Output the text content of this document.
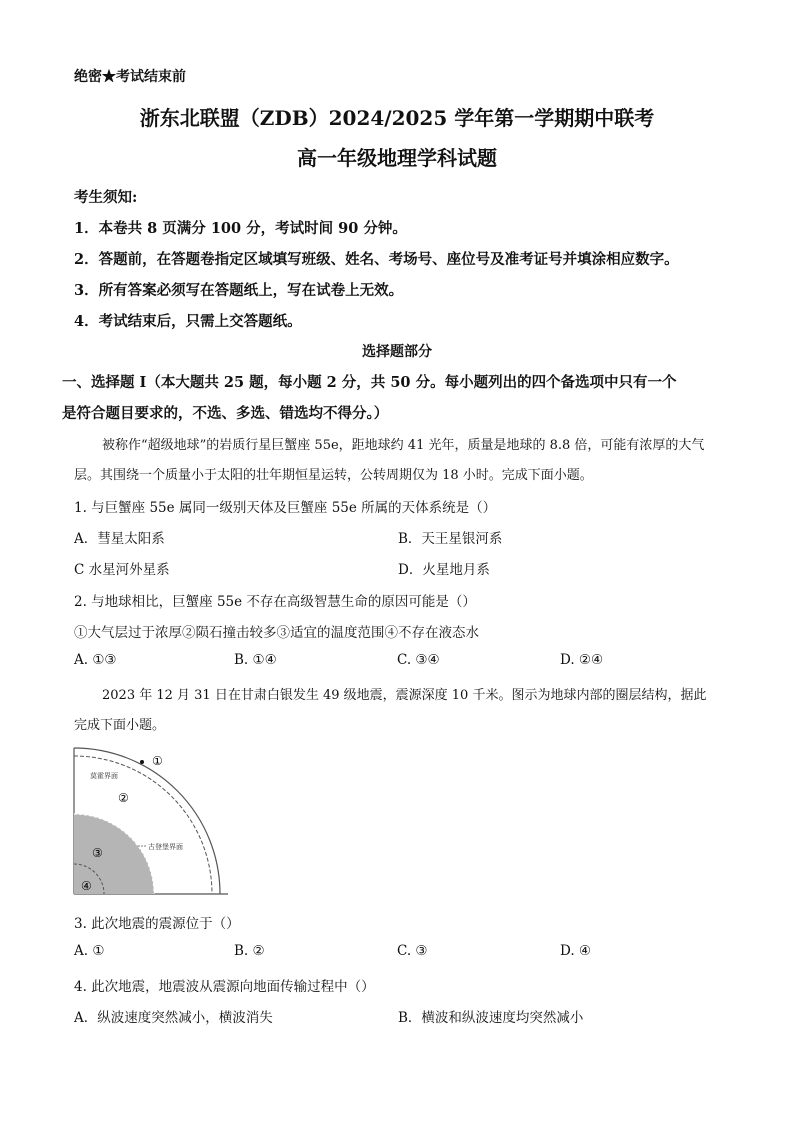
绝密★考试结束前
浙东北联盟（ZDB）2024/2025 学年第一学期期中联考
高一年级地理学科试题
考生须知:
1．本卷共 8 页满分 100 分，考试时间 90 分钟。
2．答题前，在答题卷指定区域填写班级、姓名、考场号、座位号及准考证号并填涂相应数字。
3．所有答案必须写在答题纸上，写在试卷上无效。
4．考试结束后，只需上交答题纸。
选择题部分
一、选择题 I（本大题共 25 题，每小题 2 分，共 50 分。每小题列出的四个备选项中只有一个
是符合题目要求的，不选、多选、错选均不得分。）
被称作“超级地球”的岩质行星巨蟹座 55e，距地球约 41 光年，质量是地球的 8.8 倍，可能有浓厚的大气
层。其围绕一个质量小于太阳的壮年期恒星运转，公转周期仅为 18 小时。完成下面小题。
1. 与巨蟹座 55e 属同一级别天体及巨蟹座 55e 所属的天体系统是（）
A．彗星太阳系	B．天王星银河系
C 水星河外星系	D．火星地月系
2. 与地球相比，巨蟹座 55e 不存在高级智慧生命的原因可能是（）
①大气层过于浓厚②陨石撞击较多③适宜的温度范围④不存在液态水
A. ①③	B. ①④	C. ③④	D. ②④
2023 年 12 月 31 日在甘肃白银发生 49 级地震，震源深度 10 千米。图示为地球内部的圈层结构，据此
完成下面小题。
①
莫霍界面
②
③	古登堡界面
④
3. 此次地震的震源位于（）
A. ①	B. ②	C. ③	D. ④
4. 此次地震，地震波从震源向地面传输过程中（）
A．纵波速度突然减小，横波消失	B．横波和纵波速度均突然减小
